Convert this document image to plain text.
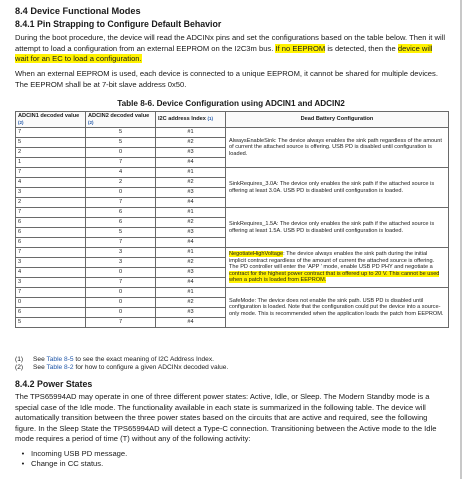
8.4 Device Functional Modes
8.4.1 Pin Strapping to Configure Default Behavior
During the boot procedure, the device will read the ADCINx pins and set the configurations based on the table below. Then it will attempt to load a configuration from an external EEPROM on the I2C3m bus. If no EEPROM is detected, then the device will wait for an EC to load a configuration.
When an external EEPROM is used, each device is connected to a unique EEPROM, it cannot be shared for multiple devices. The EEPROM shall be at 7-bit slave address 0x50.
Table 8-6. Device Configuration using ADCIN1 and ADCIN2
ADCIN1 decoded value $^{(2)}$	ADCIN2 decoded value $^{(2)}$	I2C address Index $^{(1)}$	Dead Battery Configuration
7	5	#1	AlwaysEnableSink: The device always enables the sink path regardless of the amount of current the attached source is offering. USB PD is disabled until configuration is loaded.
5	5	#2	
2	0	#3	
1	7	#4	
7	4	#1	SinkRequires_3.0A: The device only enables the sink path if the attached source is offering at least 3.0A. USB PD is disabled until configuration is loaded.
4	2	#2	
3	0	#3	
2	7	#4	
7	6	#1	SinkRequires_1.5A: The device only enables the sink path if the attached source is offering at least 1.5A. USB PD is disabled until configuration is loaded.
6	6	#2	
6	5	#3	
6	7	#4	
7	3	#1	NegotiateHighVoltage: The device always enables the sink path during the initial implicit contract regardless of the amount of current the attached source is offering. The PD controller will enter the 'APP ' mode, enable USB PD PHY and negotiate a contract for the highest power contract that is offered up to 20 V. This cannot be used when a patch is loaded from EEPROM.
3	3	#2	
4	0	#3	
3	7	#4	
7	0	#1	SafeMode: The device does not enable the sink path. USB PD is disabled until configuration is loaded. Note that the configuration could put the device into a source-only mode. This is recommended when the application loads the patch from EEPROM.
0	0	#2	
6	0	#3	
5	7	#4	
(1) See Table 8-5 to see the exact meaning of I2C Address Index.
(2) See Table 8-2 for how to configure a given ADCINx decoded value.
8.4.2 Power States
The TPS65994AD may operate in one of three different power states: Active, Idle, or Sleep. The Modern Standby mode is a special case of the Idle mode. The functionality available in each state is summarized in the following table. The device will automatically transition between the three power states based on the circuits that are active and required, see the following figure. In the Sleep State the TPS65994AD will detect a Type-C connection. Transitioning between the Active mode to the Idle mode requires a period of time (T) without any of the following activity:
• Incoming USB PD message.
• Change in CC status.
